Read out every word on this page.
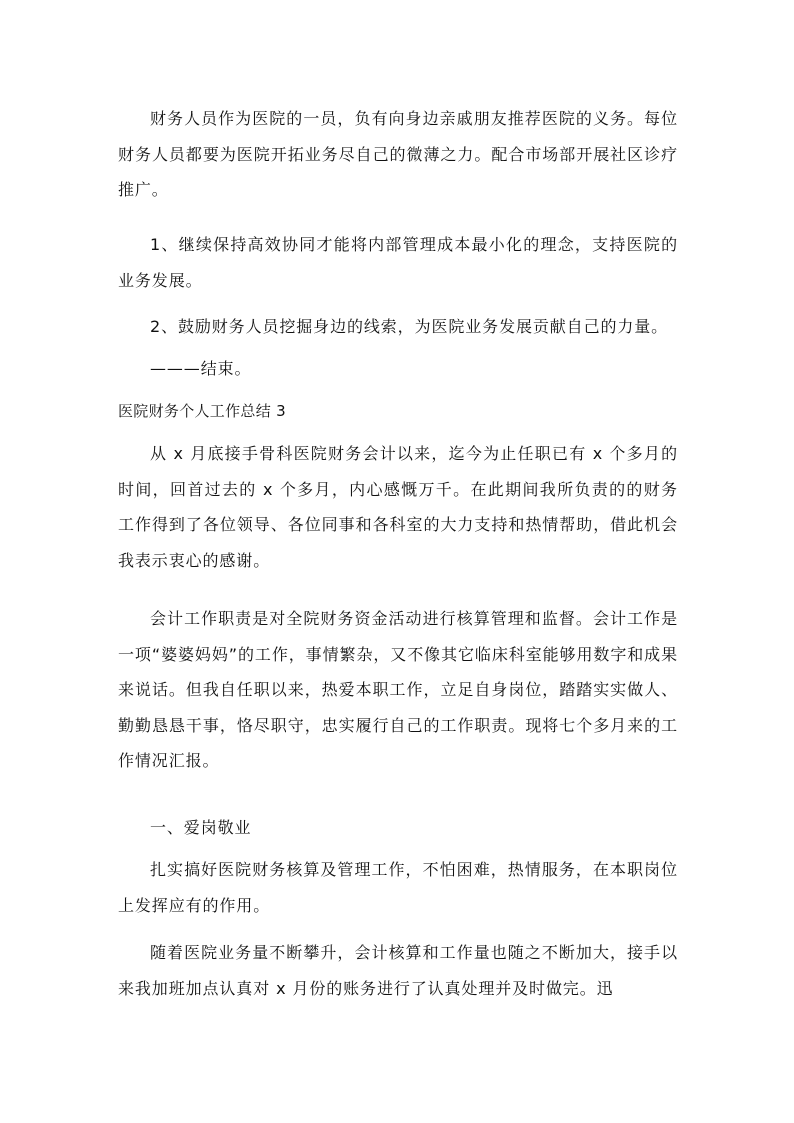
财务人员作为医院的一员，负有向身边亲戚朋友推荐医院的义务。每位财务人员都要为医院开拓业务尽自己的微薄之力。配合市场部开展社区诊疗推广。

1、继续保持高效协同才能将内部管理成本最小化的理念，支持医院的业务发展。

2、鼓励财务人员挖掘身边的线索，为医院业务发展贡献自己的力量。

———结束。

医院财务个人工作总结 3

从 x 月底接手骨科医院财务会计以来，迄今为止任职已有 x 个多月的时间，回首过去的 x 个多月，内心感慨万千。在此期间我所负责的的财务工作得到了各位领导、各位同事和各科室的大力支持和热情帮助，借此机会我表示衷心的感谢。

会计工作职责是对全院财务资金活动进行核算管理和监督。会计工作是一项“婆婆妈妈”的工作，事情繁杂，又不像其它临床科室能够用数字和成果来说话。但我自任职以来，热爱本职工作，立足自身岗位，踏踏实实做人、勤勤恳恳干事，恪尽职守，忠实履行自己的工作职责。现将七个多月来的工作情况汇报。

一、爱岗敬业

扎实搞好医院财务核算及管理工作，不怕困难，热情服务，在本职岗位上发挥应有的作用。

随着医院业务量不断攀升，会计核算和工作量也随之不断加大，接手以来我加班加点认真对 x 月份的账务进行了认真处理并及时做完。迅
